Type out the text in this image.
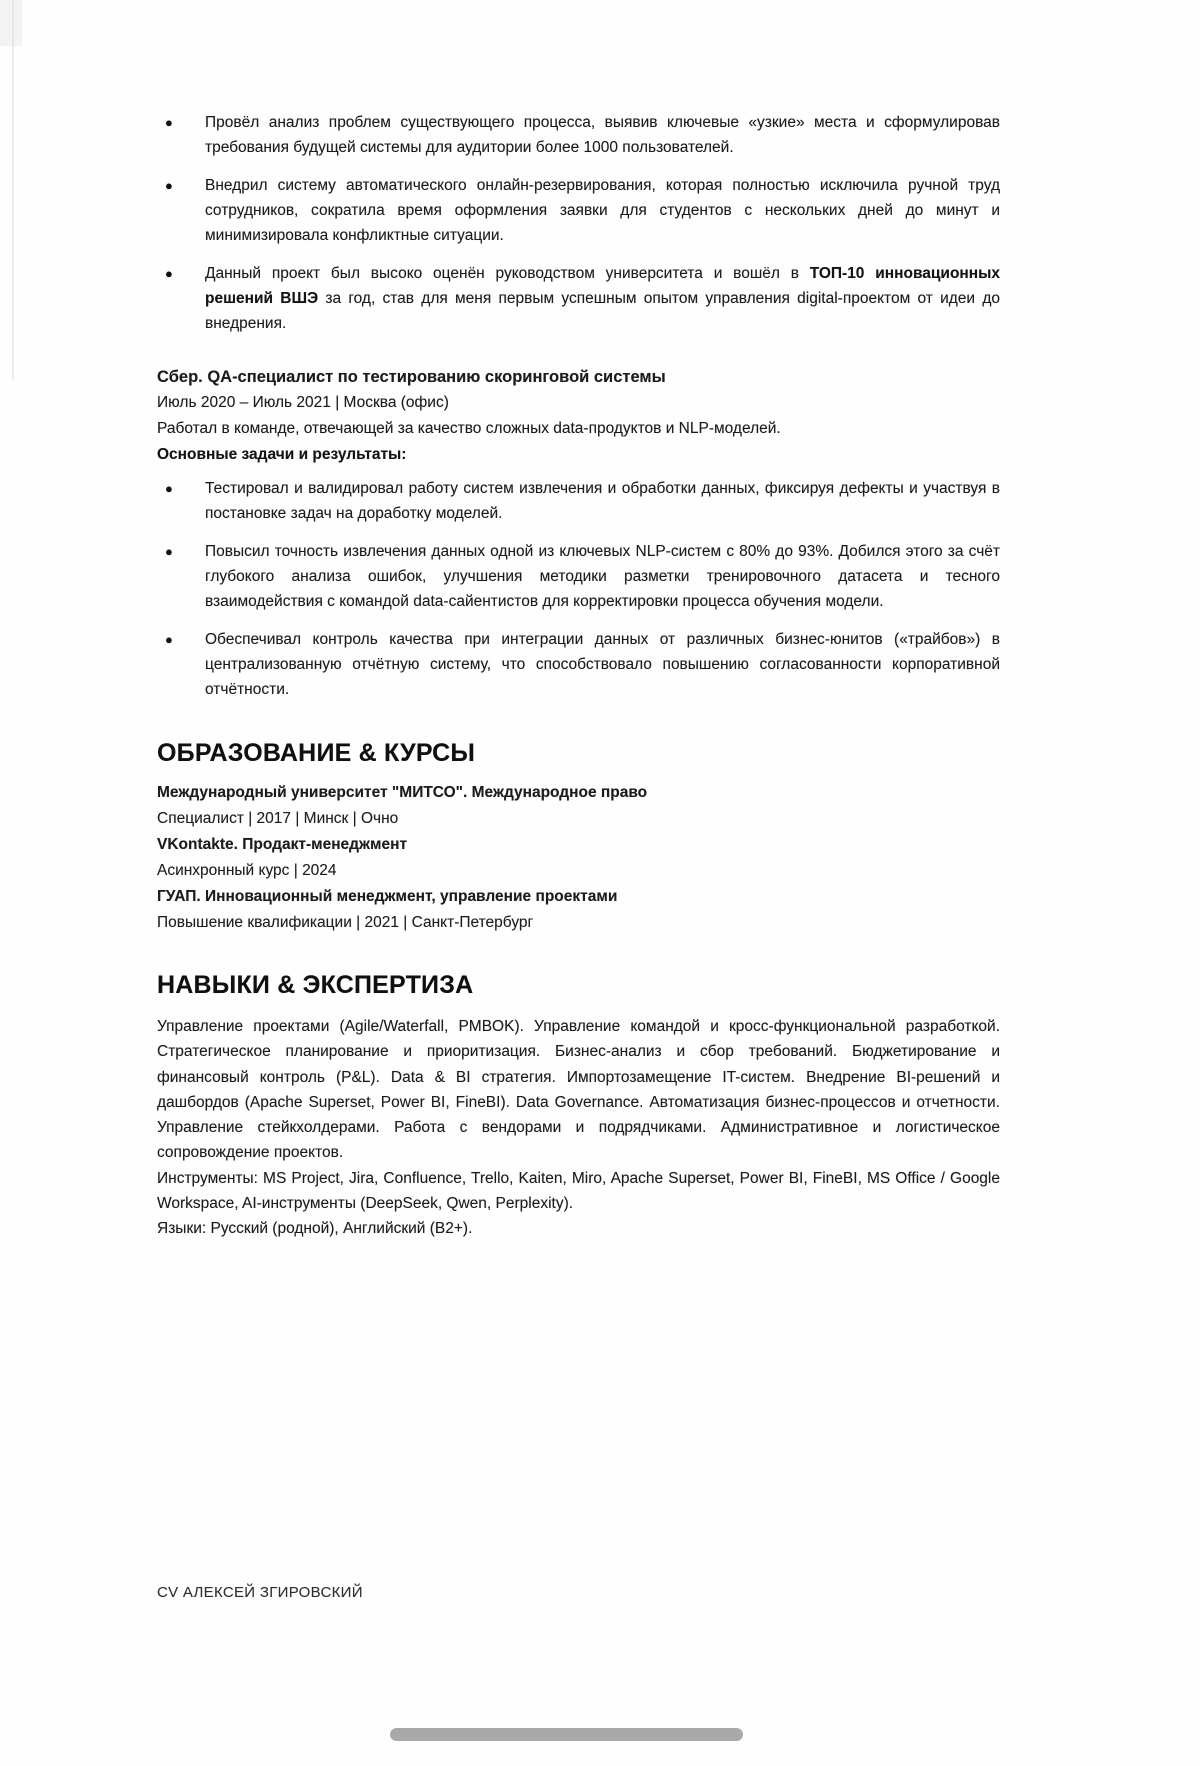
●	Провёл анализ проблем существующего процесса, выявив ключевые «узкие» места и сформулировав требования будущей системы для аудитории более 1000 пользователей.
●	Внедрил систему автоматического онлайн-резервирования, которая полностью исключила ручной труд сотрудников, сократила время оформления заявки для студентов с нескольких дней до минут и минимизировала конфликтные ситуации.
●	Данный проект был высоко оценён руководством университета и вошёл в ТОП-10 инновационных решений ВШЭ за год, став для меня первым успешным опытом управления digital-проектом от идеи до внедрения.

Сбер. QA-специалист по тестированию скоринговой системы

Июль 2020 – Июль 2021 | Москва (офис)

Работал в команде, отвечающей за качество сложных data-продуктов и NLP-моделей.

Основные задачи и результаты:

●	Тестировал и валидировал работу систем извлечения и обработки данных, фиксируя дефекты и участвуя в постановке задач на доработку моделей.
●	Повысил точность извлечения данных одной из ключевых NLP-систем с 80% до 93%. Добился этого за счёт глубокого анализа ошибок, улучшения методики разметки тренировочного датасета и тесного взаимодействия с командой data-сайентистов для корректировки процесса обучения модели.
●	Обеспечивал контроль качества при интеграции данных от различных бизнес-юнитов («трайбов») в централизованную отчётную систему, что способствовало повышению согласованности корпоративной отчётности.
ОБРАЗОВАНИЕ & КУРСЫ

Международный университет "МИТСО". Международное право

Специалист | 2017 | Минск | Очно

VKontakte. Продакт-менеджмент

Асинхронный курс | 2024

ГУАП. Инновационный менеджмент, управление проектами

Повышение квалификации | 2021 | Санкт-Петербург

НАВЫКИ & ЭКСПЕРТИЗА

Управление проектами (Agile/Waterfall, PMBOK). Управление командой и кросс-функциональной разработкой. Стратегическое планирование и приоритизация. Бизнес-анализ и сбор требований. Бюджетирование и финансовый контроль (P&L). Data & BI стратегия. Импортозамещение IT-систем. Внедрение BI-решений и дашбордов (Apache Superset, Power BI, FineBI). Data Governance. Автоматизация бизнес-процессов и отчетности. Управление стейкхолдерами. Работа с вендорами и подрядчиками. Административное и логистическое сопровождение проектов.

Инструменты: MS Project, Jira, Confluence, Trello, Kaiten, Miro, Apache Superset, Power BI, FineBI, MS Office / Google Workspace, AI-инструменты (DeepSeek, Qwen, Perplexity).

Языки: Русский (родной), Английский (B2+).

CV АЛЕКСЕЙ ЗГИРОВСКИЙ
